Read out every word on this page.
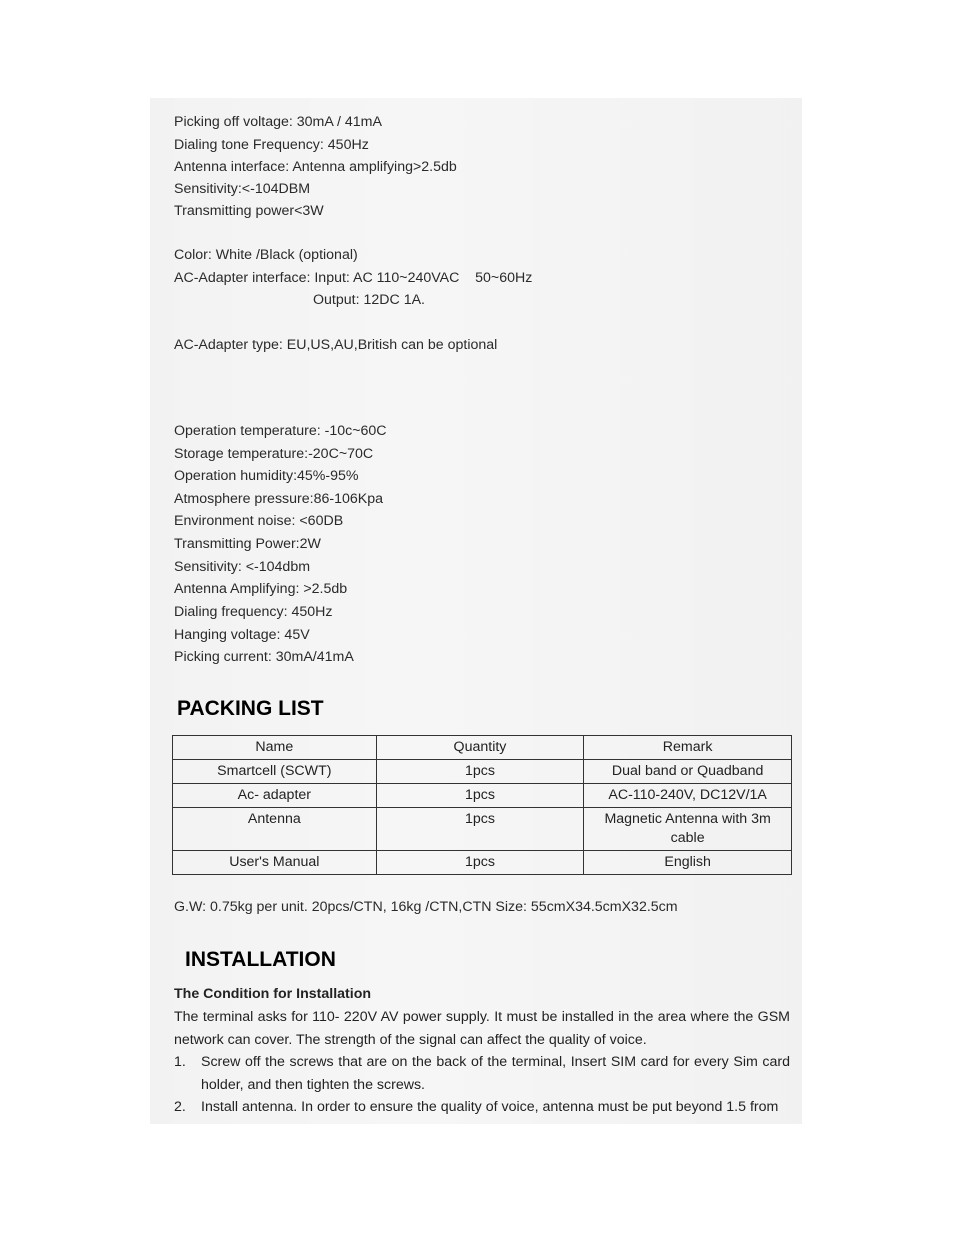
Picking off voltage: 30mA / 41mA
Dialing tone Frequency: 450Hz
Antenna interface: Antenna amplifying>2.5db
Sensitivity:<-104DBM
Transmitting power<3W
Color: White /Black (optional)
AC-Adapter interface: Input: AC 110~240VAC    50~60Hz
Output: 12DC 1A.
AC-Adapter type: EU,US,AU,British can be optional
Operation temperature: -10c~60C
Storage temperature:-20C~70C
Operation humidity:45%-95%
Atmosphere pressure:86-106Kpa
Environment noise: <60DB
Transmitting Power:2W
Sensitivity: <-104dbm
Antenna Amplifying: >2.5db
Dialing frequency: 450Hz
Hanging voltage: 45V
Picking current: 30mA/41mA
PACKING LIST
Name	Quantity	Remark
Smartcell (SCWT)	1pcs	Dual band or Quadband
Ac- adapter	1pcs	AC-110-240V, DC12V/1A
Antenna	1pcs	Magnetic Antenna with 3m cable
User's Manual	1pcs	English
G.W: 0.75kg per unit. 20pcs/CTN, 16kg /CTN,CTN Size: 55cmX34.5cmX32.5cm
INSTALLATION
The Condition for Installation
The terminal asks for 110- 220V AV power supply. It must be installed in the area where the GSM network can cover. The strength of the signal can affect the quality of voice.
1. Screw off the screws that are on the back of the terminal, Insert SIM card for every Sim card holder, and then tighten the screws.
2. Install antenna. In order to ensure the quality of voice, antenna must be put beyond 1.5 from
